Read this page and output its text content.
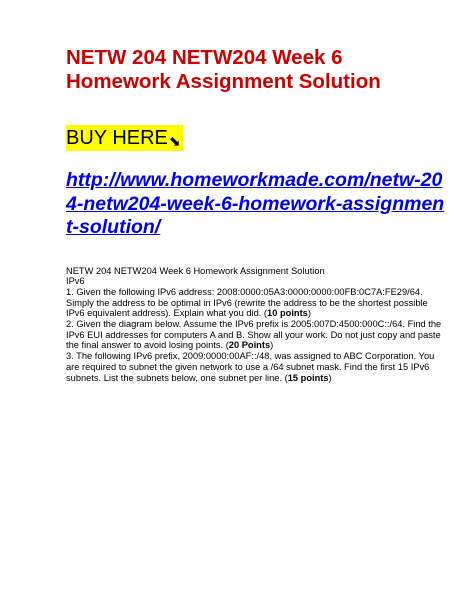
NETW 204 NETW204 Week 6
Homework Assignment Solution
BUY HERE⬊
http://www.homeworkmade.com/netw-204-netw204-week-6-homework-assignment-solution/

NETW 204 NETW204 Week 6 Homework Assignment Solution

IPv6

1. Given the following IPv6 address: 2008:0000:05A3:0000:0000:00FB:0C7A:FE29/64. Simply the address to be optimal in IPv6 (rewrite the address to be the shortest possible IPv6 equivalent address). Explain what you did. (10 points)

2. Given the diagram below. Assume the IPv6 prefix is 2005:007D:4500:000C::/64. Find the IPv6 EUI addresses for computers A and B. Show all your work. Do not just copy and paste the final answer to avoid losing points. (20 Points)

3. The following IPv6 prefix, 2009:0000:00AF::/48, was assigned to ABC Corporation. You are required to subnet the given network to use a /64 subnet mask. Find the first 15 IPv6 subnets. List the subnets below, one subnet per line. (15 points)
